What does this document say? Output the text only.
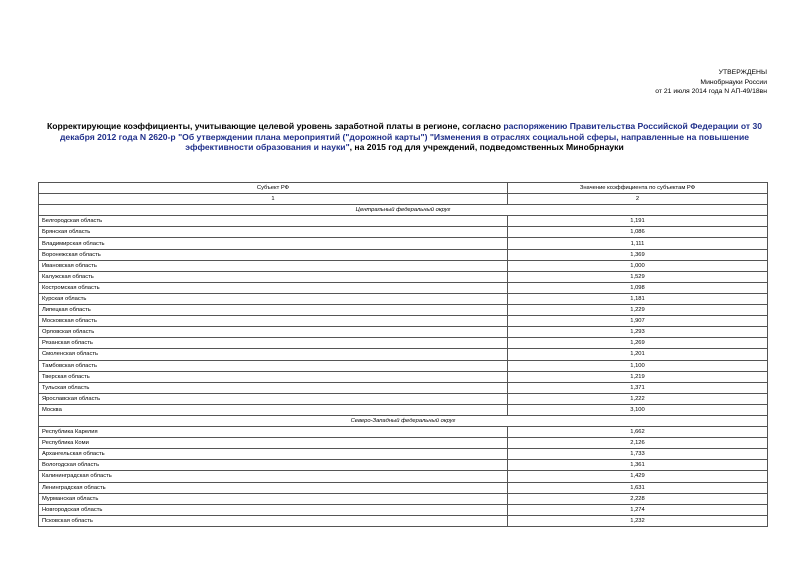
УТВЕРЖДЕНЫ
Минобрнауки России
от 21 июля 2014 года N АП-49/18вн
Корректирующие коэффициенты, учитывающие целевой уровень заработной платы в регионе, согласно распоряжению Правительства Российской Федерации от 30 декабря 2012 года N 2620-р "Об утверждении плана мероприятий ("дорожной карты") "Изменения в отраслях социальной сферы, направленные на повышение эффективности образования и науки", на 2015 год для учреждений, подведомственных Минобрнауки
Субъект РФ	Значение коэффициента по субъектам РФ
1	2
Центральный федеральный округ	
Белгородская область	1,191
Брянская область	1,086
Владимирская область	1,111
Воронежская область	1,369
Ивановская область	1,000
Калужская область	1,529
Костромская область	1,098
Курская область	1,181
Липецкая область	1,229
Московская область	1,907
Орловская область	1,293
Рязанская область	1,269
Смоленская область	1,201
Тамбовская область	1,100
Тверская область	1,219
Тульская область	1,371
Ярославская область	1,222
Москва	3,100
Северо-Западный федеральный округ	
Республика Карелия	1,662
Республика Коми	2,126
Архангельская область	1,733
Вологодская область	1,361
Калининградская область	1,429
Ленинградская область	1,631
Мурманская область	2,228
Новгородская область	1,274
Псковская область	1,232
